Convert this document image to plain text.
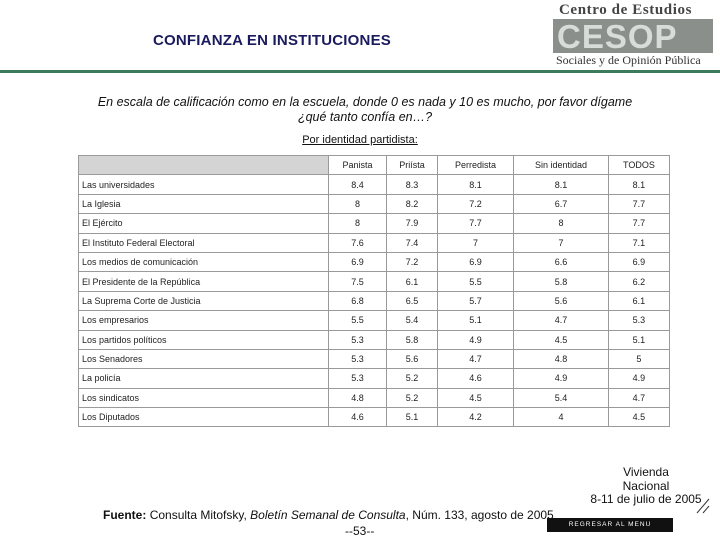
CONFIANZA EN INSTITUCIONES
Centro de Estudios
CESOP
Sociales y de Opinión Pública
En escala de calificación como en la escuela, donde 0 es nada y 10 es mucho, por favor dígame
¿qué tanto confía en…?
Por identidad partidista:
	Panista	Priísta	Perredista	Sin identidad	TODOS
Las universidades	8.4	8.3	8.1	8.1	8.1
La Iglesia	8	8.2	7.2	6.7	7.7
El Ejército	8	7.9	7.7	8	7.7
El Instituto Federal Electoral	7.6	7.4	7	7	7.1
Los medios de comunicación	6.9	7.2	6.9	6.6	6.9
El Presidente de la República	7.5	6.1	5.5	5.8	6.2
La Suprema Corte de Justicia	6.8	6.5	5.7	5.6	6.1
Los empresarios	5.5	5.4	5.1	4.7	5.3
Los partidos políticos	5.3	5.8	4.9	4.5	5.1
Los Senadores	5.3	5.6	4.7	4.8	5
La policía	5.3	5.2	4.6	4.9	4.9
Los sindicatos	4.8	5.2	4.5	5.4	4.7
Los Diputados	4.6	5.1	4.2	4	4.5
Vivienda
Nacional
8-11 de julio de 2005
REGRESAR AL MENU PRINCIPAL
Fuente: Consulta Mitofsky, Boletín Semanal de Consulta, Núm. 133, agosto de 2005
--53--
